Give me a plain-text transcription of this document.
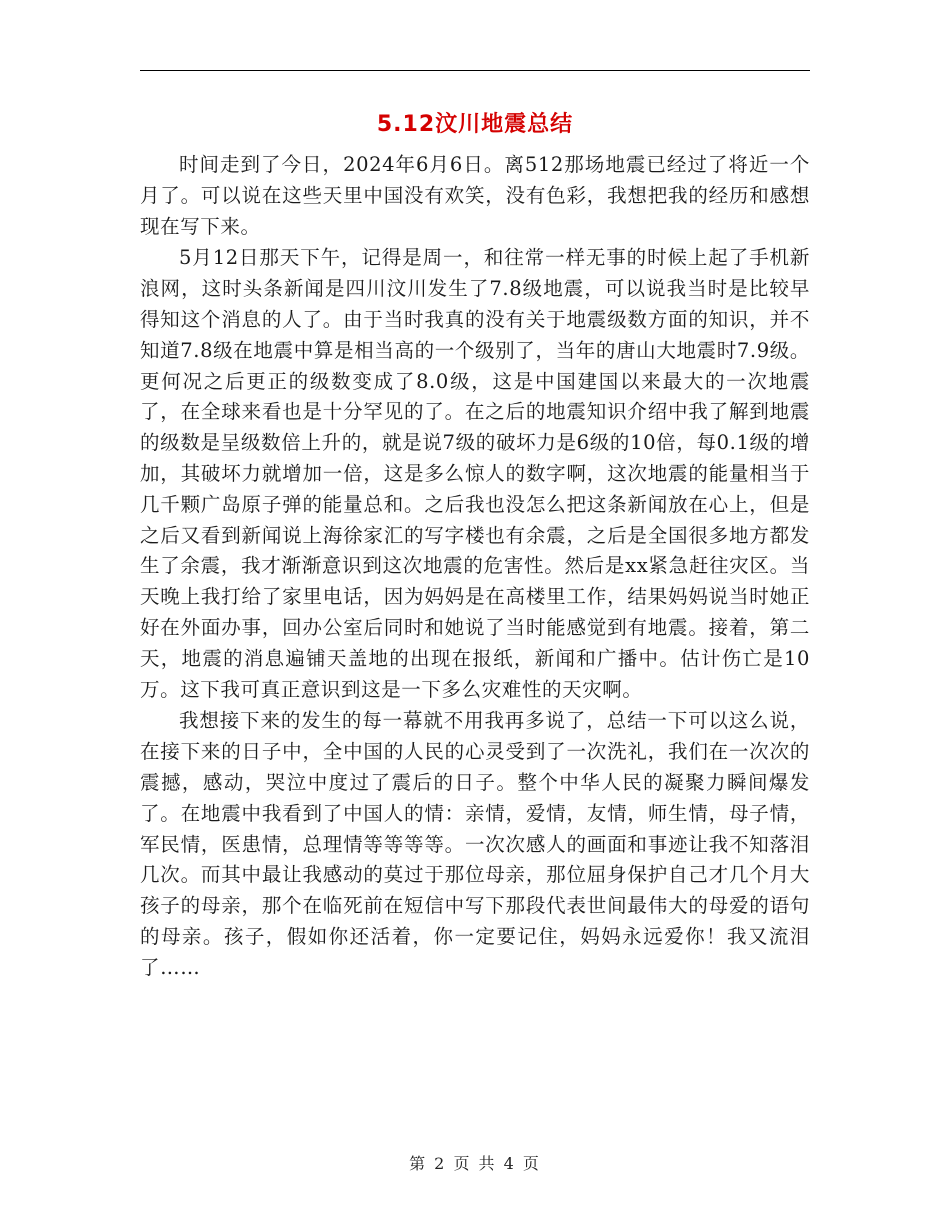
5.12汶川地震总结

时间走到了今日，2024年6月6日。离512那场地震已经过了将近一个月了。可以说在这些天里中国没有欢笑，没有色彩，我想把我的经历和感想现在写下来。

5月12日那天下午，记得是周一，和往常一样无事的时候上起了手机新浪网，这时头条新闻是四川汶川发生了7.8级地震，可以说我当时是比较早得知这个消息的人了。由于当时我真的没有关于地震级数方面的知识，并不知道7.8级在地震中算是相当高的一个级别了，当年的唐山大地震时7.9级。更何况之后更正的级数变成了8.0级，这是中国建国以来最大的一次地震了，在全球来看也是十分罕见的了。在之后的地震知识介绍中我了解到地震的级数是呈级数倍上升的，就是说7级的破坏力是6级的10倍，每0.1级的增加，其破坏力就增加一倍，这是多么惊人的数字啊，这次地震的能量相当于几千颗广岛原子弹的能量总和。之后我也没怎么把这条新闻放在心上，但是之后又看到新闻说上海徐家汇的写字楼也有余震，之后是全国很多地方都发生了余震，我才渐渐意识到这次地震的危害性。然后是xx紧急赶往灾区。当天晚上我打给了家里电话，因为妈妈是在高楼里工作，结果妈妈说当时她正好在外面办事，回办公室后同时和她说了当时能感觉到有地震。接着，第二天，地震的消息遍铺天盖地的出现在报纸，新闻和广播中。估计伤亡是10万。这下我可真正意识到这是一下多么灾难性的天灾啊。

我想接下来的发生的每一幕就不用我再多说了，总结一下可以这么说，在接下来的日子中，全中国的人民的心灵受到了一次洗礼，我们在一次次的震撼，感动，哭泣中度过了震后的日子。整个中华人民的凝聚力瞬间爆发了。在地震中我看到了中国人的情：亲情，爱情，友情，师生情，母子情，军民情，医患情，总理情等等等等。一次次感人的画面和事迹让我不知落泪几次。而其中最让我感动的莫过于那位母亲，那位屈身保护自己才几个月大孩子的母亲，那个在临死前在短信中写下那段代表世间最伟大的母爱的语句的母亲。孩子，假如你还活着，你一定要记住，妈妈永远爱你！我又流泪了……

第 2 页 共 4 页
